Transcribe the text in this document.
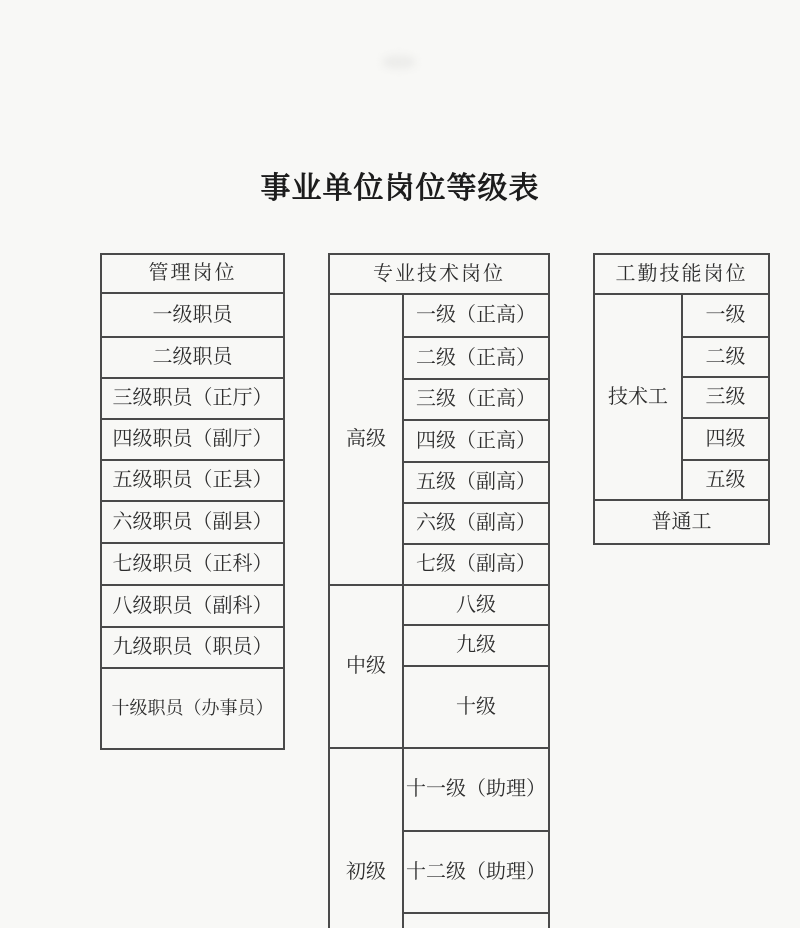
事业单位岗位等级表
管理岗位
一级职员
二级职员
三级职员（正厅）
四级职员（副厅）
五级职员（正县）
六级职员（副县）
七级职员（正科）
八级职员（副科）
九级职员（职员）
十级职员（办事员）
专业技术岗位	
高级	一级（正高）
	二级（正高）
	三级（正高）
	四级（正高）
	五级（副高）
	六级（副高）
	七级（副高）
中级	八级
	九级
	十级
初级	十一级（助理）
	十二级（助理）

工勤技能岗位
技术工	一级
二级
三级
四级
五级
普通工
